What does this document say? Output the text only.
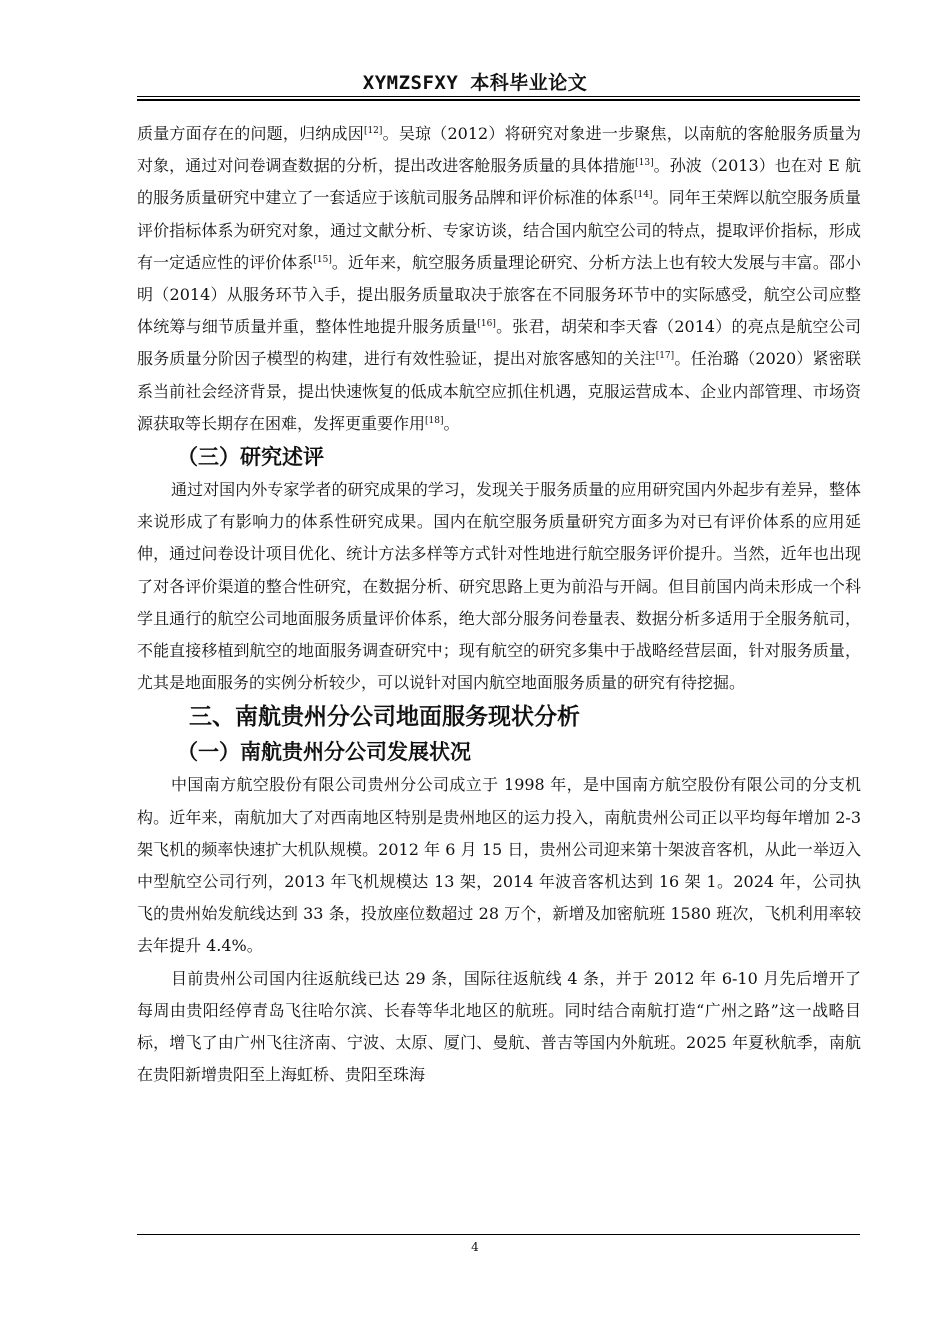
XYMZSFXY 本科毕业论文

质量方面存在的问题，归纳成因[12]。吴琼（2012）将研究对象进一步聚焦，以南航的客舱服务质量为对象，通过对问卷调查数据的分析，提出改进客舱服务质量的具体措施[13]。孙波（2013）也在对 E 航的服务质量研究中建立了一套适应于该航司服务品牌和评价标准的体系[14]。同年王荣辉以航空服务质量评价指标体系为研究对象，通过文献分析、专家访谈，结合国内航空公司的特点，提取评价指标，形成有一定适应性的评价体系[15]。近年来，航空服务质量理论研究、分析方法上也有较大发展与丰富。邵小明（2014）从服务环节入手，提出服务质量取决于旅客在不同服务环节中的实际感受，航空公司应整体统筹与细节质量并重，整体性地提升服务质量[16]。张君，胡荣和李天睿（2014）的亮点是航空公司服务质量分阶因子模型的构建，进行有效性验证，提出对旅客感知的关注[17]。任治璐（2020）紧密联系当前社会经济背景，提出快速恢复的低成本航空应抓住机遇，克服运营成本、企业内部管理、市场资源获取等长期存在困难，发挥更重要作用[18]。

（三）研究述评

通过对国内外专家学者的研究成果的学习，发现关于服务质量的应用研究国内外起步有差异，整体来说形成了有影响力的体系性研究成果。国内在航空服务质量研究方面多为对已有评价体系的应用延伸，通过问卷设计项目优化、统计方法多样等方式针对性地进行航空服务评价提升。当然，近年也出现了对各评价渠道的整合性研究，在数据分析、研究思路上更为前沿与开阔。但目前国内尚未形成一个科学且通行的航空公司地面服务质量评价体系，绝大部分服务问卷量表、数据分析多适用于全服务航司，不能直接移植到航空的地面服务调查研究中；现有航空的研究多集中于战略经营层面，针对服务质量，尤其是地面服务的实例分析较少，可以说针对国内航空地面服务质量的研究有待挖掘。

三、南航贵州分公司地面服务现状分析
（一）南航贵州分公司发展状况

中国南方航空股份有限公司贵州分公司成立于 1998 年，是中国南方航空股份有限公司的分支机构。近年来，南航加大了对西南地区特别是贵州地区的运力投入，南航贵州公司正以平均每年增加 2-3 架飞机的频率快速扩大机队规模。2012 年 6 月 15 日，贵州公司迎来第十架波音客机，从此一举迈入中型航空公司行列，2013 年飞机规模达 13 架，2014 年波音客机达到 16 架 1。2024 年，公司执飞的贵州始发航线达到 33 条，投放座位数超过 28 万个，新增及加密航班 1580 班次，飞机利用率较去年提升 4.4%。

目前贵州公司国内往返航线已达 29 条，国际往返航线 4 条，并于 2012 年 6-10 月先后增开了每周由贵阳经停青岛飞往哈尔滨、长春等华北地区的航班。同时结合南航打造“广州之路”这一战略目标，增飞了由广州飞往济南、宁波、太原、厦门、曼航、普吉等国内外航班。2025 年夏秋航季，南航在贵阳新增贵阳至上海虹桥、贵阳至珠海

4
